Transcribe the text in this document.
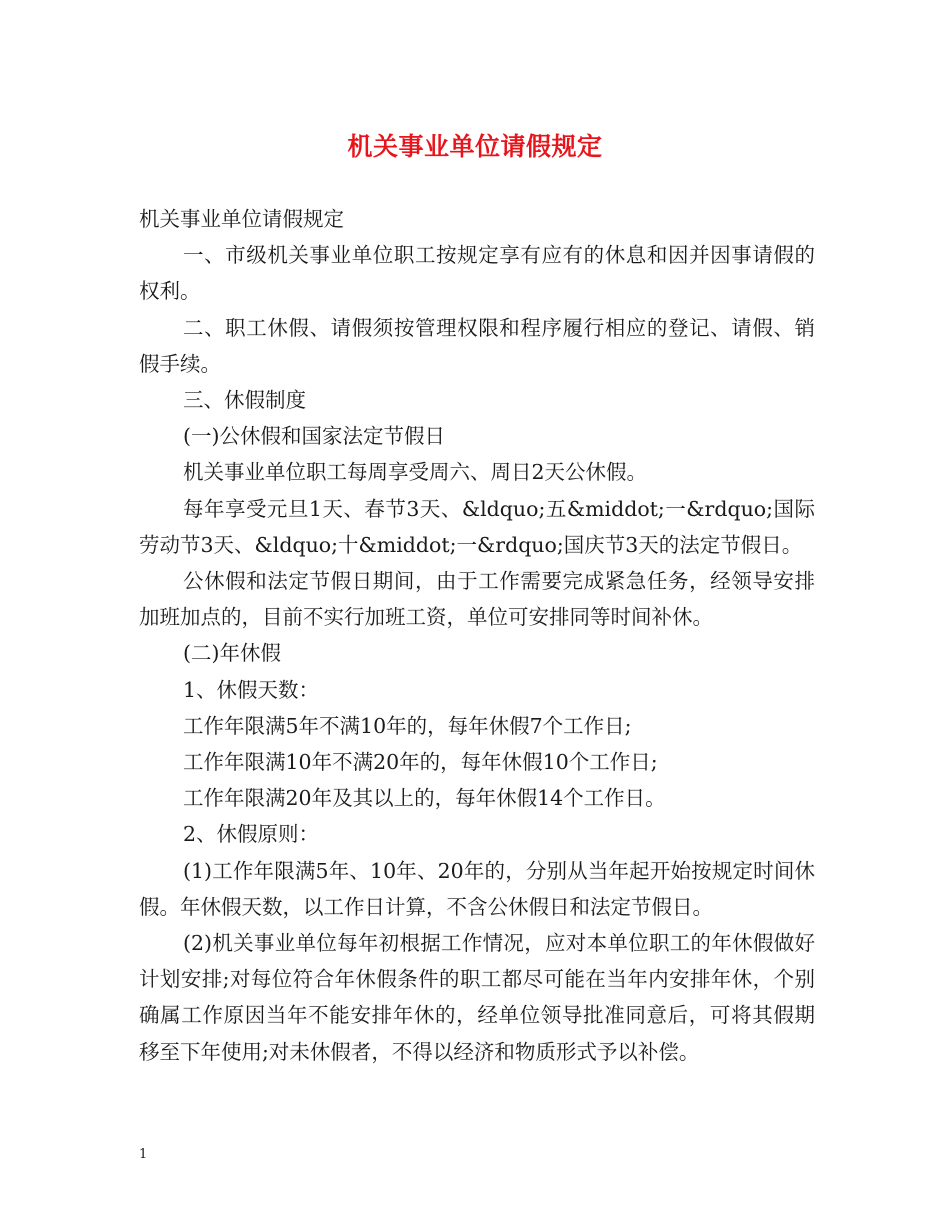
机关事业单位请假规定

机关事业单位请假规定

一、市级机关事业单位职工按规定享有应有的休息和因并因事请假的权利。

二、职工休假、请假须按管理权限和程序履行相应的登记、请假、销假手续。

三、休假制度

(一)公休假和国家法定节假日

机关事业单位职工每周享受周六、周日2天公休假。

每年享受元旦1天、春节3天、&ldquo;五&middot;一&rdquo;国际劳动节3天、&ldquo;十&middot;一&rdquo;国庆节3天的法定节假日。

公休假和法定节假日期间，由于工作需要完成紧急任务，经领导安排加班加点的，目前不实行加班工资，单位可安排同等时间补休。

(二)年休假

1、休假天数：

工作年限满5年不满10年的，每年休假7个工作日;

工作年限满10年不满20年的，每年休假10个工作日;

工作年限满20年及其以上的，每年休假14个工作日。

2、休假原则：

(1)工作年限满5年、10年、20年的，分别从当年起开始按规定时间休假。年休假天数，以工作日计算，不含公休假日和法定节假日。

(2)机关事业单位每年初根据工作情况，应对本单位职工的年休假做好计划安排;对每位符合年休假条件的职工都尽可能在当年内安排年休，个别确属工作原因当年不能安排年休的，经单位领导批准同意后，可将其假期移至下年使用;对未休假者，不得以经济和物质形式予以补偿。

1
